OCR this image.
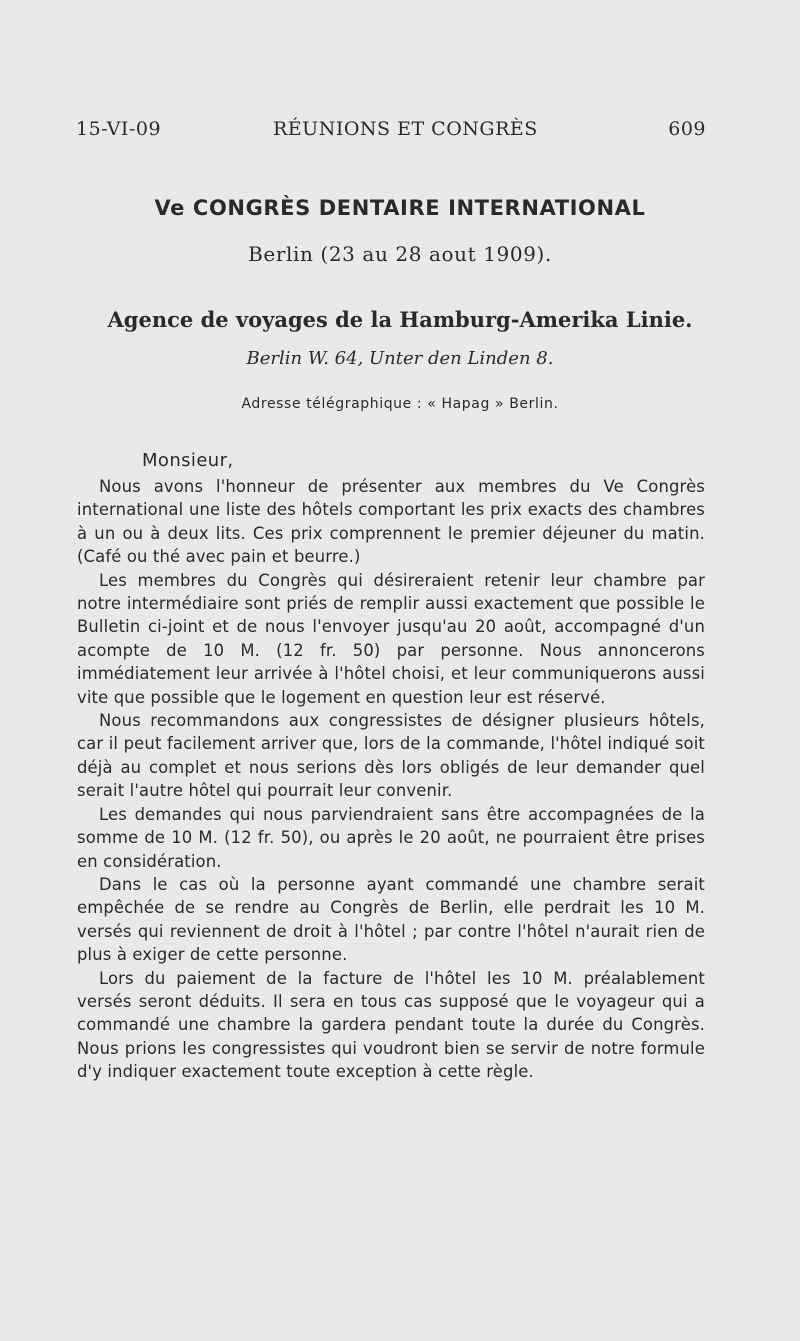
15-VI-09	RÉUNIONS ET CONGRÈS	609
Ve CONGRÈS DENTAIRE INTERNATIONAL
Berlin (23 au 28 aout 1909).
Agence de voyages de la Hamburg-Amerika Linie.
Berlin W. 64, Unter den Linden 8.
Adresse télégraphique : « Hapag » Berlin.
Monsieur,

Nous avons l'honneur de présenter aux membres du Ve Congrès international une liste des hôtels comportant les prix exacts des chambres à un ou à deux lits. Ces prix comprennent le premier déjeuner du matin. (Café ou thé avec pain et beurre.)

Les membres du Congrès qui désireraient retenir leur chambre par notre intermédiaire sont priés de remplir aussi exactement que possible le Bulletin ci-joint et de nous l'envoyer jusqu'au 20 août, accompagné d'un acompte de 10 M. (12 fr. 50) par personne. Nous annoncerons immédiatement leur arrivée à l'hôtel choisi, et leur communiquerons aussi vite que possible que le logement en question leur est réservé.

Nous recommandons aux congressistes de désigner plusieurs hôtels, car il peut facilement arriver que, lors de la commande, l'hôtel indiqué soit déjà au complet et nous serions dès lors obligés de leur demander quel serait l'autre hôtel qui pourrait leur convenir.

Les demandes qui nous parviendraient sans être accompagnées de la somme de 10 M. (12 fr. 50), ou après le 20 août, ne pourraient être prises en considération.

Dans le cas où la personne ayant commandé une chambre serait empêchée de se rendre au Congrès de Berlin, elle perdrait les 10 M. versés qui reviennent de droit à l'hôtel ; par contre l'hôtel n'aurait rien de plus à exiger de cette personne.

Lors du paiement de la facture de l'hôtel les 10 M. préalablement versés seront déduits. Il sera en tous cas supposé que le voyageur qui a commandé une chambre la gardera pendant toute la durée du Congrès. Nous prions les congressistes qui voudront bien se servir de notre formule d'y indiquer exactement toute exception à cette règle.
